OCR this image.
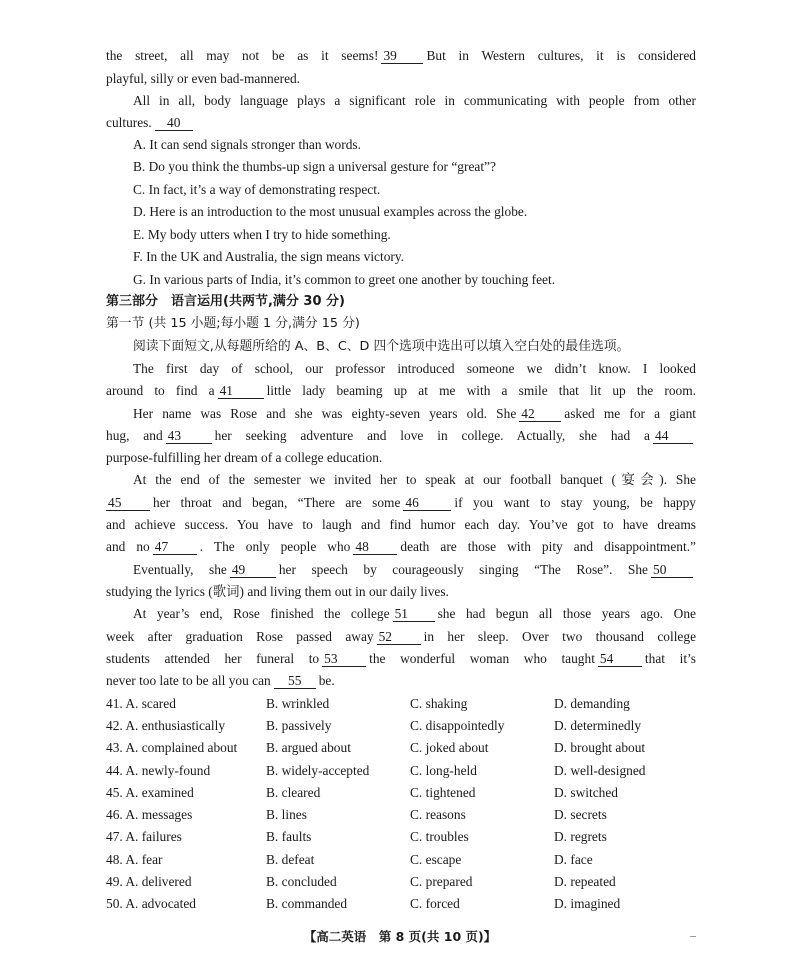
the street, all may not be as it seems! 39 But in Western cultures, it is considered
playful, silly or even bad-mannered.
All in all, body language plays a significant role in communicating with people from other
cultures. 40
A. It can send signals stronger than words.
B. Do you think the thumbs-up sign a universal gesture for “great”?
C. In fact, it’s a way of demonstrating respect.
D. Here is an introduction to the most unusual examples across the globe.
E. My body utters when I try to hide something.
F. In the UK and Australia, the sign means victory.
G. In various parts of India, it’s common to greet one another by touching feet.
第三部分　语言运用(共两节,满分 30 分)
第一节 (共 15 小题;每小题 1 分,满分 15 分)
阅读下面短文,从每题所给的 A、B、C、D 四个选项中选出可以填入空白处的最佳选项。
The first day of school, our professor introduced someone we didn’t know. I looked
around to find a 41	little lady beaming up at me with a smile that lit up the room.
Her name was Rose and she was eighty-seven years old. She 42 asked me for a giant
hug, and 43	her seeking adventure and love in college. Actually, she had a 44
purpose-fulfilling her dream of a college education.
At the end of the semester we invited her to speak at our football banquet (宴会). She
45 her throat and began, “There are some 46	if you want to stay young, be happy
and achieve success. You have to laugh and find humor each day. You’ve got to have dreams
and no 47 . The only people who 48 death are those with pity and disappointment.”
Eventually, she 49	her speech by courageously singing “The Rose”. She 50
studying the lyrics (歌词) and living them out in our daily lives.
At year’s end, Rose finished the college 51 she had begun all those years ago. One
week after graduation Rose passed away 52 in her sleep. Over two thousand college
students attended her funeral to 53 the wonderful woman who taught 54 that it’s
never too late to be all you can 55 be.
41. A. scared	B. wrinkled	C. shaking	D. demanding
42. A. enthusiastically	B. passively	C. disappointedly	D. determinedly
43. A. complained about B. argued about	C. joked about	D. brought about
44. A. newly-found	B. widely-accepted	C. long-held	D. well-designed
45. A. examined	B. cleared	C. tightened	D. switched
46. A. messages	B. lines	C. reasons	D. secrets
47. A. failures	B. faults	C. troubles	D. regrets
48. A. fear	B. defeat	C. escape	D. face
49. A. delivered	B. concluded	C. prepared	D. repeated
50. A. advocated	B. commanded	C. forced	D. imagined
【高二英语　第 8 页(共 10 页)】	–
